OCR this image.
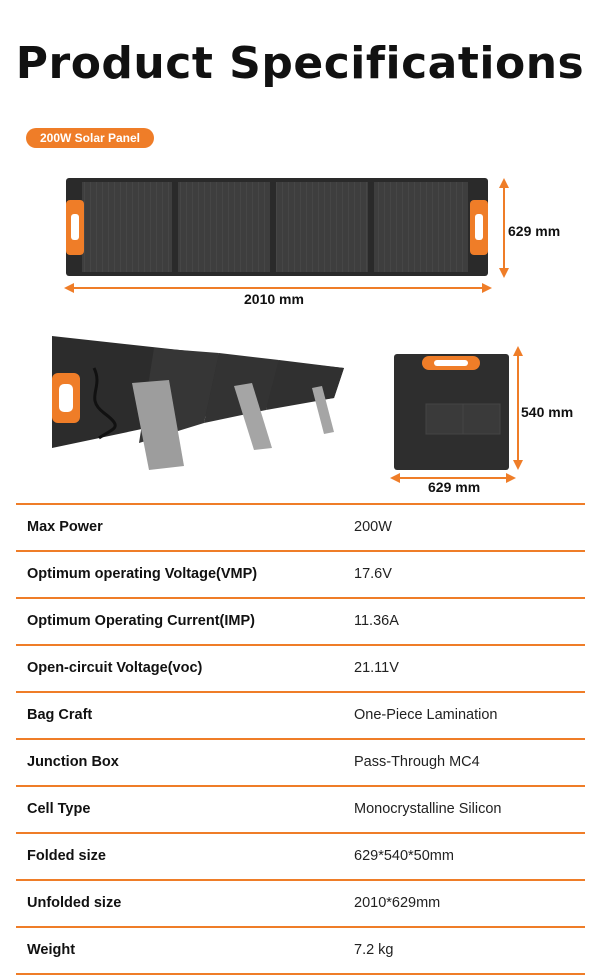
Product Specifications
200W Solar Panel
629 mm
2010 mm
540 mm
629 mm
Max Power	200W
Optimum operating Voltage(VMP)	17.6V
Optimum Operating Current(IMP)	11.36A
Open-circuit Voltage(voc)	21.11V
Bag Craft	One-Piece Lamination
Junction Box	Pass-Through MC4
Cell Type	Monocrystalline Silicon
Folded size	629*540*50mm
Unfolded size	2010*629mm
Weight	7.2 kg
